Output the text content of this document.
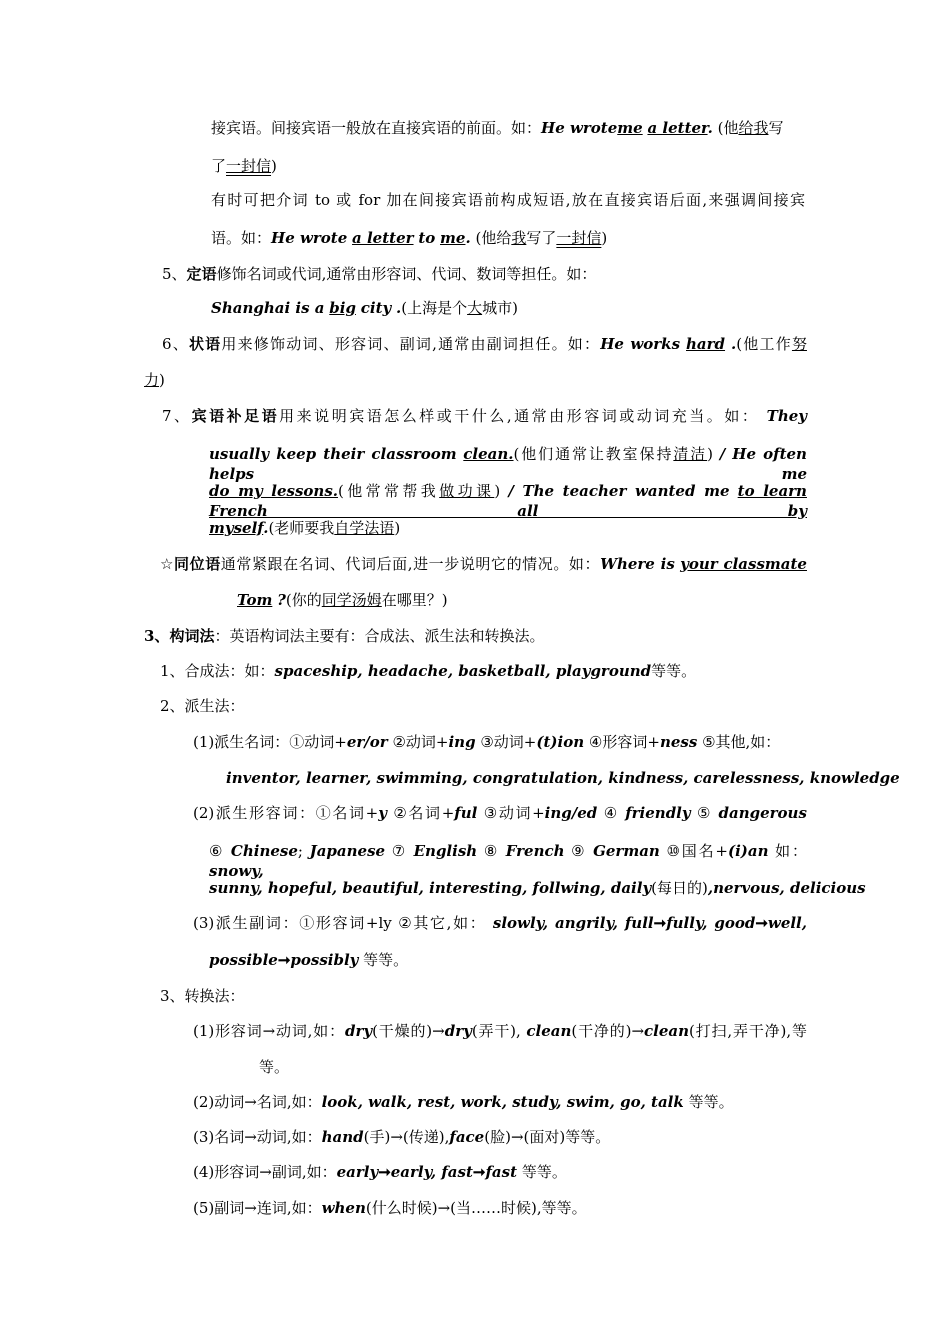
接宾语。间接宾语一般放在直接宾语的前面。如：He wroteme a letter. (他给我写
了一封信)
有时可把介词 to 或 for 加在间接宾语前构成短语,放在直接宾语后面,来强调间接宾
语。如：He wrote a letter to me. (他给我写了一封信)
5、定语修饰名词或代词,通常由形容词、代词、数词等担任。如：
Shanghai is a big city .(上海是个大城市)
6、状语用来修饰动词、形容词、副词,通常由副词担任。如：He works hard .(他工作努
力)
7、宾语补足语用来说明宾语怎么样或干什么,通常由形容词或动词充当。如： They
usually keep their classroom clean.(他们通常让教室保持清洁) / He often helps me
do my lessons.(他常常帮我做功课) / The teacher wanted me to learn French all by
myself.(老师要我自学法语)
☆同位语通常紧跟在名词、代词后面,进一步说明它的情况。如：Where is your classmate
Tom ?(你的同学汤姆在哪里？)
3、构词法：英语构词法主要有：合成法、派生法和转换法。
1、合成法：如：spaceship, headache, basketball, playground等等。
2、派生法：
(1)派生名词：①动词+er/or ②动词+ing ③动词+(t)ion ④形容词+ness ⑤其他,如：
inventor, learner, swimming, congratulation, kindness, carelessness, knowledge
(2)派生形容词：①名词+y ②名词+ful ③动词+ing/ed ④ friendly ⑤ dangerous
⑥ Chinese; Japanese ⑦ English ⑧ French ⑨ German ⑩国名+(i)an 如： snowy,
sunny, hopeful, beautiful, interesting, follwing, daily(每日的),nervous, delicious
(3)派生副词：①形容词+ly ②其它,如： slowly, angrily, full➞fully, good➞well,
possible➞possibly 等等。
3、转换法：
(1)形容词→动词,如：dry(干燥的)→dry(弄干), clean(干净的)→clean(打扫,弄干净),等
等。
(2)动词→名词,如：look, walk, rest, work, study, swim, go, talk 等等。
(3)名词→动词,如：hand(手)→(传递),face(脸)→(面对)等等。
(4)形容词→副词,如：early➞early, fast➞fast 等等。
(5)副词→连词,如：when(什么时候)→(当……时候),等等。
